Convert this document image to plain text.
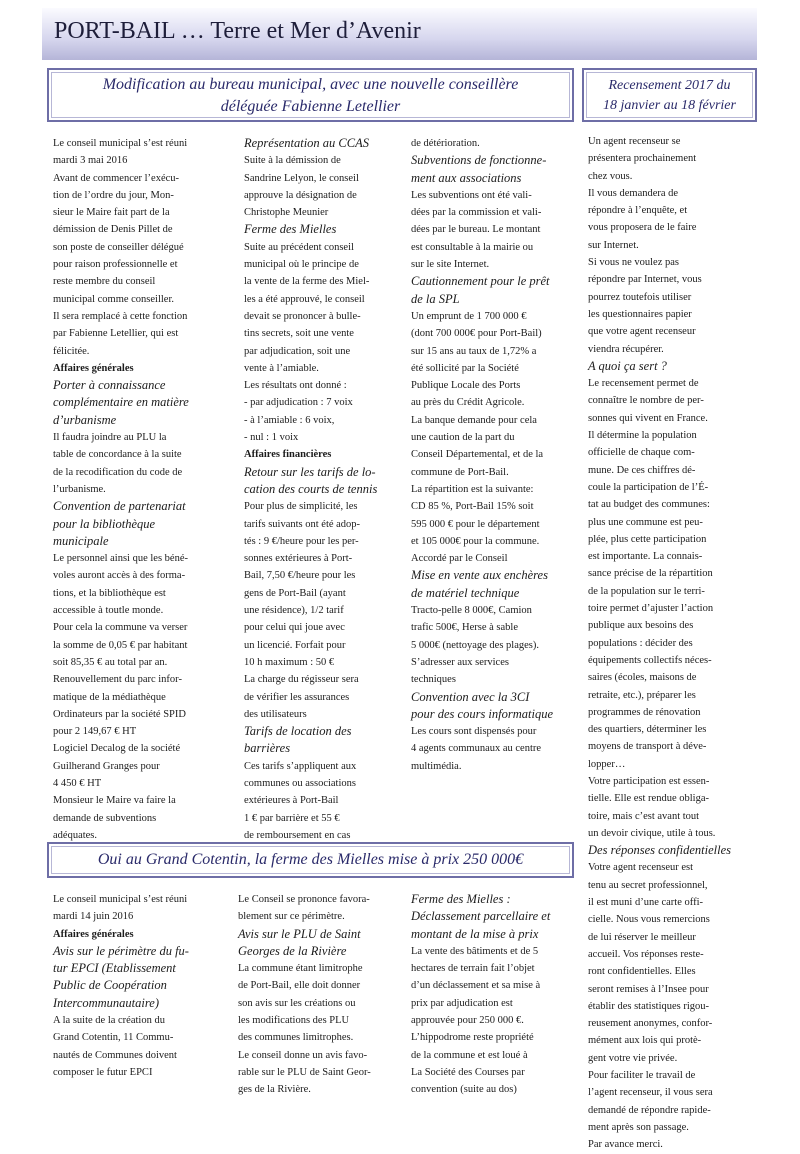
PORT-BAIL … Terre et Mer d’Avenir
Modification au bureau municipal, avec une nouvelle conseillère
déléguée Fabienne Letellier
Recensement 2017 du
18 janvier au 18 février

Le conseil municipal s’est réuni

mardi 3 mai 2016

Avant de commencer l’exécu-

tion de l’ordre du jour, Mon-

sieur le Maire fait part de la

démission de Denis Pillet de

son poste de conseiller délégué

pour raison professionnelle et

reste membre du conseil

municipal comme conseiller.

Il sera remplacé à cette fonction

par Fabienne Letellier, qui est

félicitée.

Affaires générales

Porter à connaissance

complémentaire en matière

d’urbanisme

Il faudra joindre au PLU la

table de concordance à la suite

de la recodification du code de

l’urbanisme.

Convention de partenariat

pour la bibliothèque

municipale

Le personnel ainsi que les béné-

voles auront accès à des forma-

tions, et la bibliothèque est

accessible à toutle monde.

Pour cela la commune va verser

la somme de 0,05 € par habitant

soit 85,35 € au total par an.

Renouvellement du parc infor-

matique de la médiathèque

Ordinateurs par la société SPID

pour 2 149,67 € HT

Logiciel Decalog de la société

Guilherand Granges pour

4 450 € HT

Monsieur le Maire va faire la

demande de subventions

adéquates.

Représentation au CCAS

Suite à la démission de

Sandrine Lelyon, le conseil

approuve la désignation de

Christophe Meunier

Ferme des Mielles

Suite au précédent conseil

municipal où le principe de

la vente de la ferme des Miel-

les a été approuvé, le conseil

devait se prononcer à bulle-

tins secrets, soit une vente

par adjudication, soit une

vente à l’amiable.

Les résultats ont donné :

- par adjudication : 7 voix

- à l’amiable : 6 voix,

- nul : 1 voix

Affaires financières

Retour sur les tarifs de lo-

cation des courts de tennis

Pour plus de simplicité, les

tarifs suivants ont été adop-

tés : 9 €/heure pour les per-

sonnes extérieures à Port-

Bail, 7,50 €/heure pour les

gens de Port-Bail (ayant

une résidence), 1/2 tarif

pour celui qui joue avec

un licencié. Forfait pour

10 h maximum : 50 €

La charge du régisseur sera

de vérifier les assurances

des utilisateurs

Tarifs de location des

barrières

Ces tarifs s’appliquent aux

communes ou associations

extérieures à Port-Bail

1 € par barrière et 55 €

de remboursement en cas

de détérioration.

Subventions de fonctionne-

ment aux associations

Les subventions ont été vali-

dées par la commission et vali-

dées par le bureau. Le montant

est consultable à la mairie ou

sur le site Internet.

Cautionnement pour le prêt

de la SPL

Un emprunt de 1 700 000 €

(dont 700 000€ pour Port-Bail)

sur 15 ans au taux de 1,72% a

été sollicité par la Société

Publique Locale des Ports

au près du Crédit Agricole.

La banque demande pour cela

une caution de la part du

Conseil Départemental, et de la

commune de Port-Bail.

La répartition est la suivante:

CD 85 %, Port-Bail 15% soit

595 000 € pour le département

et 105 000€ pour la commune.

Accordé par le Conseil

Mise en vente aux enchères

de matériel technique

Tracto-pelle 8 000€, Camion

trafic 500€, Herse à sable

5 000€ (nettoyage des plages).

S’adresser aux services

techniques

Convention avec la 3CI

pour des cours informatique

Les cours sont dispensés pour

4 agents communaux au centre

multimédia.

Un agent recenseur se

présentera prochainement

chez vous.

Il vous demandera de

répondre à l’enquête, et

vous proposera de le faire

sur Internet.

Si vous ne voulez pas

répondre par Internet, vous

pourrez toutefois utiliser

les questionnaires papier

que votre agent recenseur

viendra récupérer.

A quoi ça sert ?

Le recensement permet de

connaître le nombre de per-

sonnes qui vivent en France.

Il détermine la population

officielle de chaque com-

mune. De ces chiffres dé-

coule la participation de l’É-

tat au budget des communes:

plus une commune est peu-

plée, plus cette participation

est importante. La connais-

sance précise de la répartition

de la population sur le terri-

toire permet d’ajuster l’action

publique aux besoins des

populations : décider des

équipements collectifs néces-

saires (écoles, maisons de

retraite, etc.), préparer les

programmes de rénovation

des quartiers, déterminer les

moyens de transport à déve-

lopper…

Votre participation est essen-

tielle. Elle est rendue obliga-

toire, mais c’est avant tout

un devoir civique, utile à tous.

Des réponses confidentielles

Votre agent recenseur est

tenu au secret professionnel,

il est muni d’une carte offi-

cielle. Nous vous remercions

de lui réserver le meilleur

accueil. Vos réponses reste-

ront confidentielles. Elles

seront remises à l’Insee pour

établir des statistiques rigou-

reusement anonymes, confor-

mément aux lois qui protè-

gent votre vie privée.

Pour faciliter le travail de

l’agent recenseur, il vous sera

demandé de répondre rapide-

ment après son passage.

Par avance merci.

Oui au Grand Cotentin, la ferme des Mielles mise à prix 250 000€

Le conseil municipal s’est réuni

mardi 14 juin 2016

Affaires générales

Avis sur le périmètre du fu-

tur EPCI (Etablissement

Public de Coopération

Intercommunautaire)

A la suite de la création du

Grand Cotentin, 11 Commu-

nautés de Communes doivent

composer le futur EPCI

Le Conseil se prononce favora-

blement sur ce périmètre.

Avis sur le PLU de Saint

Georges de la Rivière

La commune étant limitrophe

de Port-Bail, elle doit donner

son avis sur les créations ou

les modifications des PLU

des communes limitrophes.

Le conseil donne un avis favo-

rable sur le PLU de Saint Geor-

ges de la Rivière.

Ferme des Mielles :

Déclassement parcellaire et

montant de la mise à prix

La vente des bâtiments et de 5

hectares de terrain fait l’objet

d’un déclassement et sa mise à

prix par adjudication est

approuvée pour 250 000 €.

L’hippodrome reste propriété

de la commune et est loué à

La Société des Courses par

convention (suite au dos)
